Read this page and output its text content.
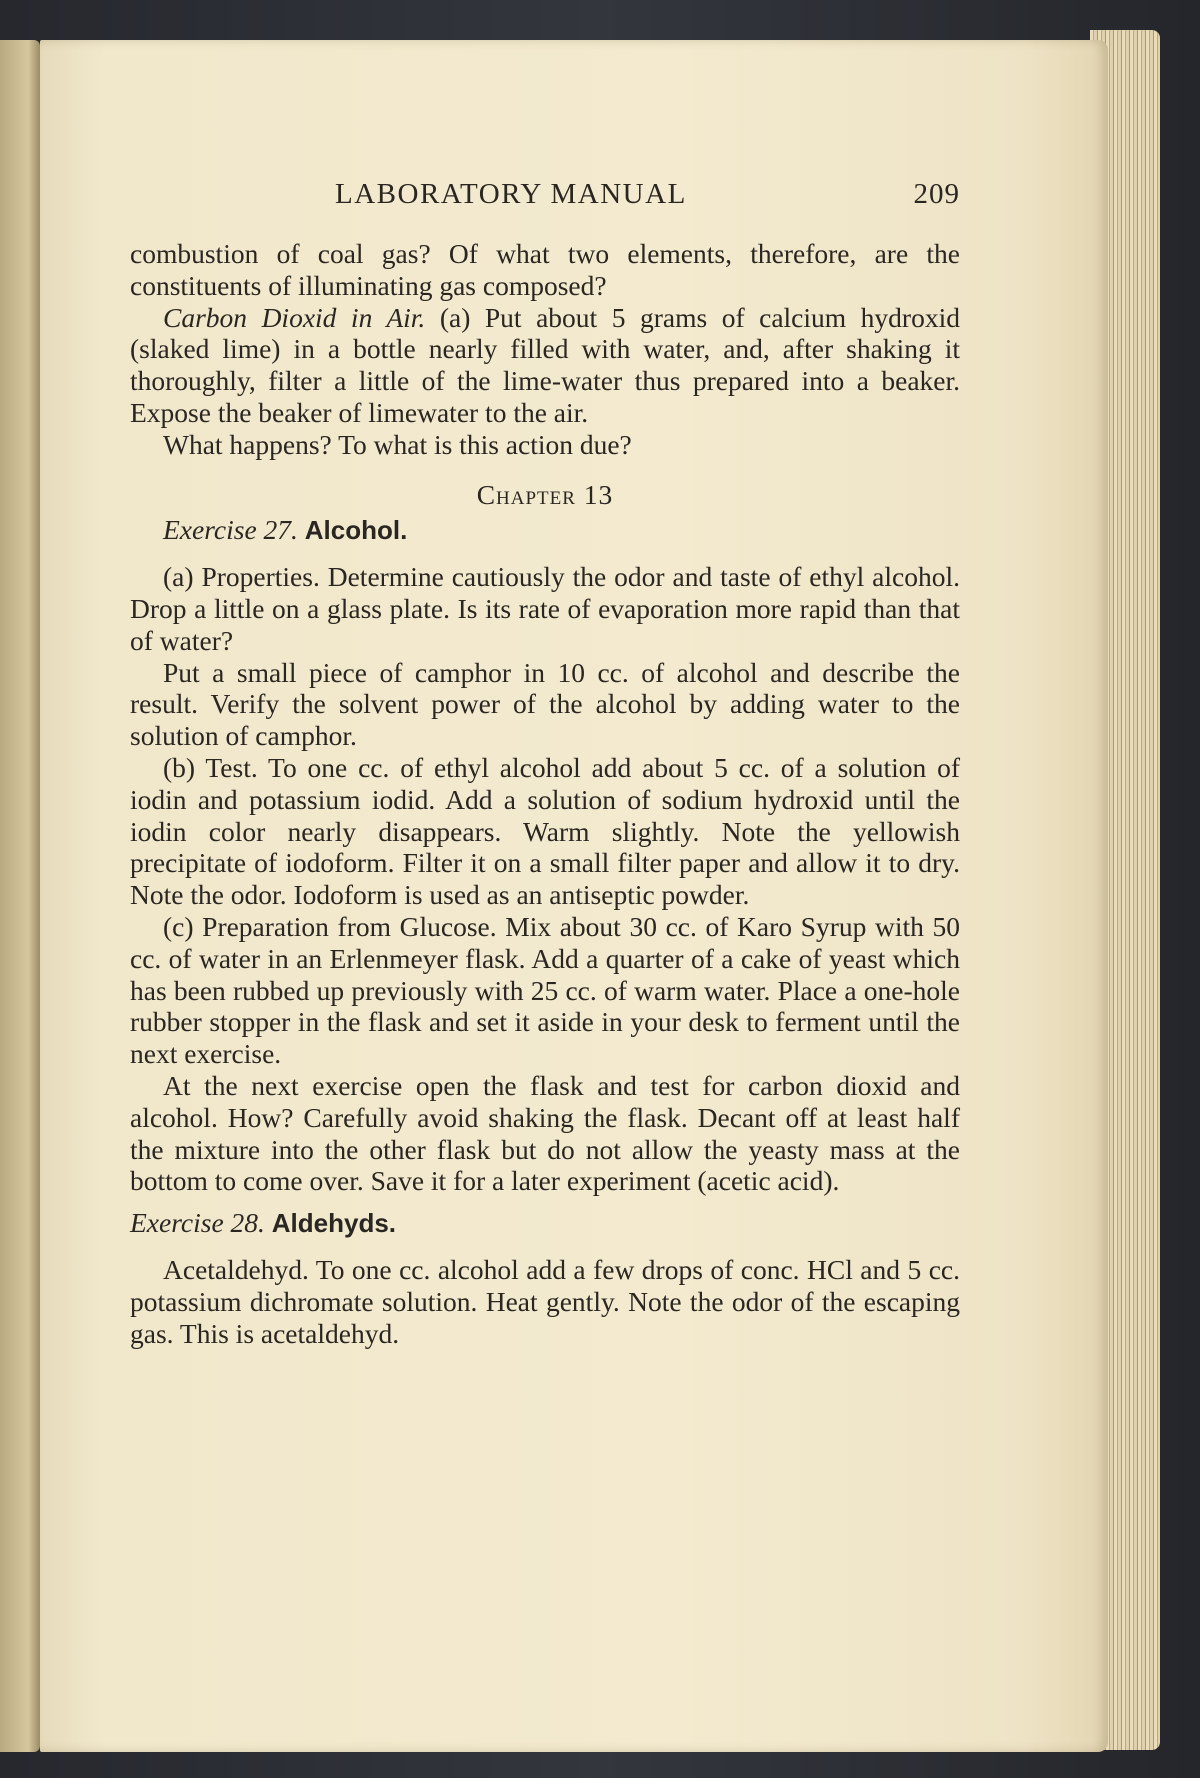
LABORATORY MANUAL	209

combustion of coal gas? Of what two elements, therefore, are the constituents of illuminating gas composed?

Carbon Dioxid in Air. (a) Put about 5 grams of calcium hydroxid (slaked lime) in a bottle nearly filled with water, and, after shaking it thoroughly, filter a little of the lime-water thus prepared into a beaker. Expose the beaker of limewater to the air.

What happens? To what is this action due?

Chapter 13

Exercise 27. Alcohol.

(a) Properties. Determine cautiously the odor and taste of ethyl alcohol. Drop a little on a glass plate. Is its rate of evaporation more rapid than that of water?

Put a small piece of camphor in 10 cc. of alcohol and describe the result. Verify the solvent power of the alcohol by adding water to the solution of camphor.

(b) Test. To one cc. of ethyl alcohol add about 5 cc. of a solution of iodin and potassium iodid. Add a solution of sodium hydroxid until the iodin color nearly disappears. Warm slightly. Note the yellowish precipitate of iodoform. Filter it on a small filter paper and allow it to dry. Note the odor. Iodoform is used as an antiseptic powder.

(c) Preparation from Glucose. Mix about 30 cc. of Karo Syrup with 50 cc. of water in an Erlenmeyer flask. Add a quarter of a cake of yeast which has been rubbed up previously with 25 cc. of warm water. Place a one-hole rubber stopper in the flask and set it aside in your desk to ferment until the next exercise.

At the next exercise open the flask and test for carbon dioxid and alcohol. How? Carefully avoid shaking the flask. Decant off at least half the mixture into the other flask but do not allow the yeasty mass at the bottom to come over. Save it for a later experiment (acetic acid).

Exercise 28. Aldehyds.

Acetaldehyd. To one cc. alcohol add a few drops of conc. HCl and 5 cc. potassium dichromate solution. Heat gently. Note the odor of the escaping gas. This is acetaldehyd.
